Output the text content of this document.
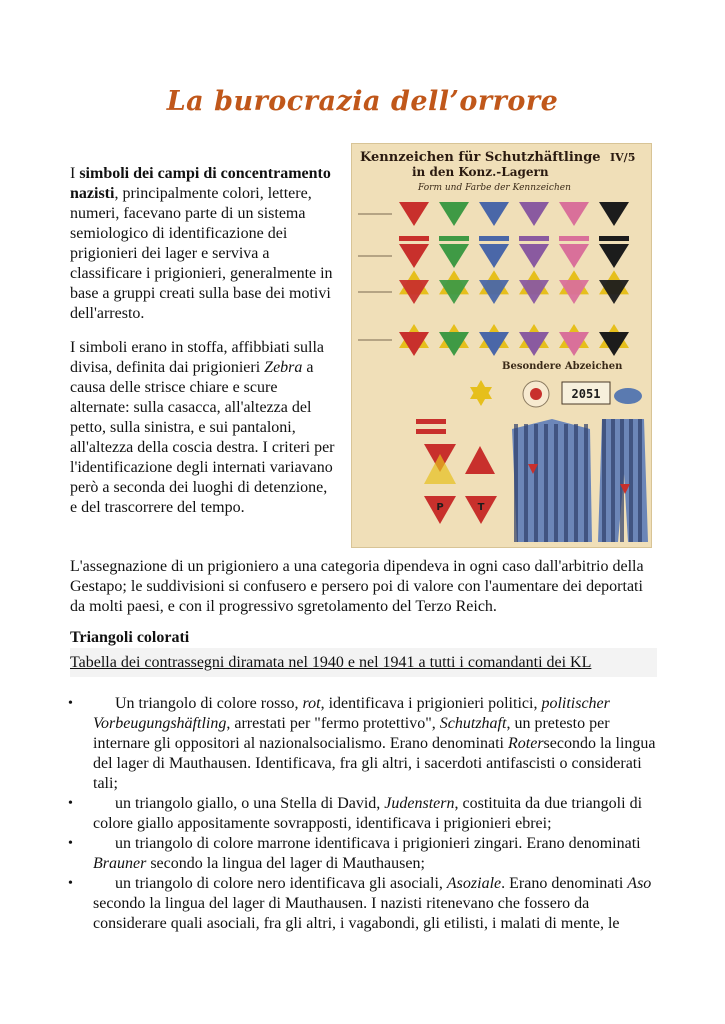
La burocrazia dell’orrore

I simboli dei campi di concentramento nazisti, principalmente colori, lettere, numeri, facevano parte di un sistema semiologico di identificazione dei prigionieri dei lager e serviva a classificare i prigionieri, generalmente in base a gruppi creati sulla base dei motivi dell'arresto.

I simboli erano in stoffa, affibbiati sulla divisa, definita dai prigionieri Zebra a causa delle strisce chiare e scure alternate: sulla casacca, all'altezza del petto, sulla sinistra, e sui pantaloni, all'altezza della coscia destra. I criteri per l'identificazione degli internati variavano però a seconda dei luoghi di detenzione, e del trascorrere del tempo.

Kennzeichen für Schutzhäftlinge
in den Konz.-Lagern
IV/5
Form und Farbe der Kennzeichen
Besondere Abzeichen
2051
P	T

L'assegnazione di un prigioniero a una categoria dipendeva in ogni caso dall'arbitrio della Gestapo; le suddivisioni si confusero e persero poi di valore con l'aumentare dei deportati da molti paesi, e con il progressivo sgretolamento del Terzo Reich.

Triangoli colorati
Tabella dei contrassegni diramata nel 1940 e nel 1941 a tutti i comandanti dei KL
•	Un triangolo di colore rosso, rot, identificava i prigionieri politici, politischer Vorbeugungshäftling, arrestati per "fermo protettivo", Schutzhaft, un pretesto per internare gli oppositori al nazionalsocialismo. Erano denominati Rotersecondo la lingua del lager di Mauthausen. Identificava, fra gli altri, i sacerdoti antifascisti o considerati tali;
•	un triangolo giallo, o una Stella di David, Judenstern, costituita da due triangoli di colore giallo appositamente sovrapposti, identificava i prigionieri ebrei;
•	un triangolo di colore marrone identificava i prigionieri zingari. Erano denominati Brauner secondo la lingua del lager di Mauthausen;
•	un triangolo di colore nero identificava gli asociali, Asoziale. Erano denominati Aso secondo la lingua del lager di Mauthausen. I nazisti ritenevano che fossero da considerare quali asociali, fra gli altri, i vagabondi, gli etilisti, i malati di mente, le
